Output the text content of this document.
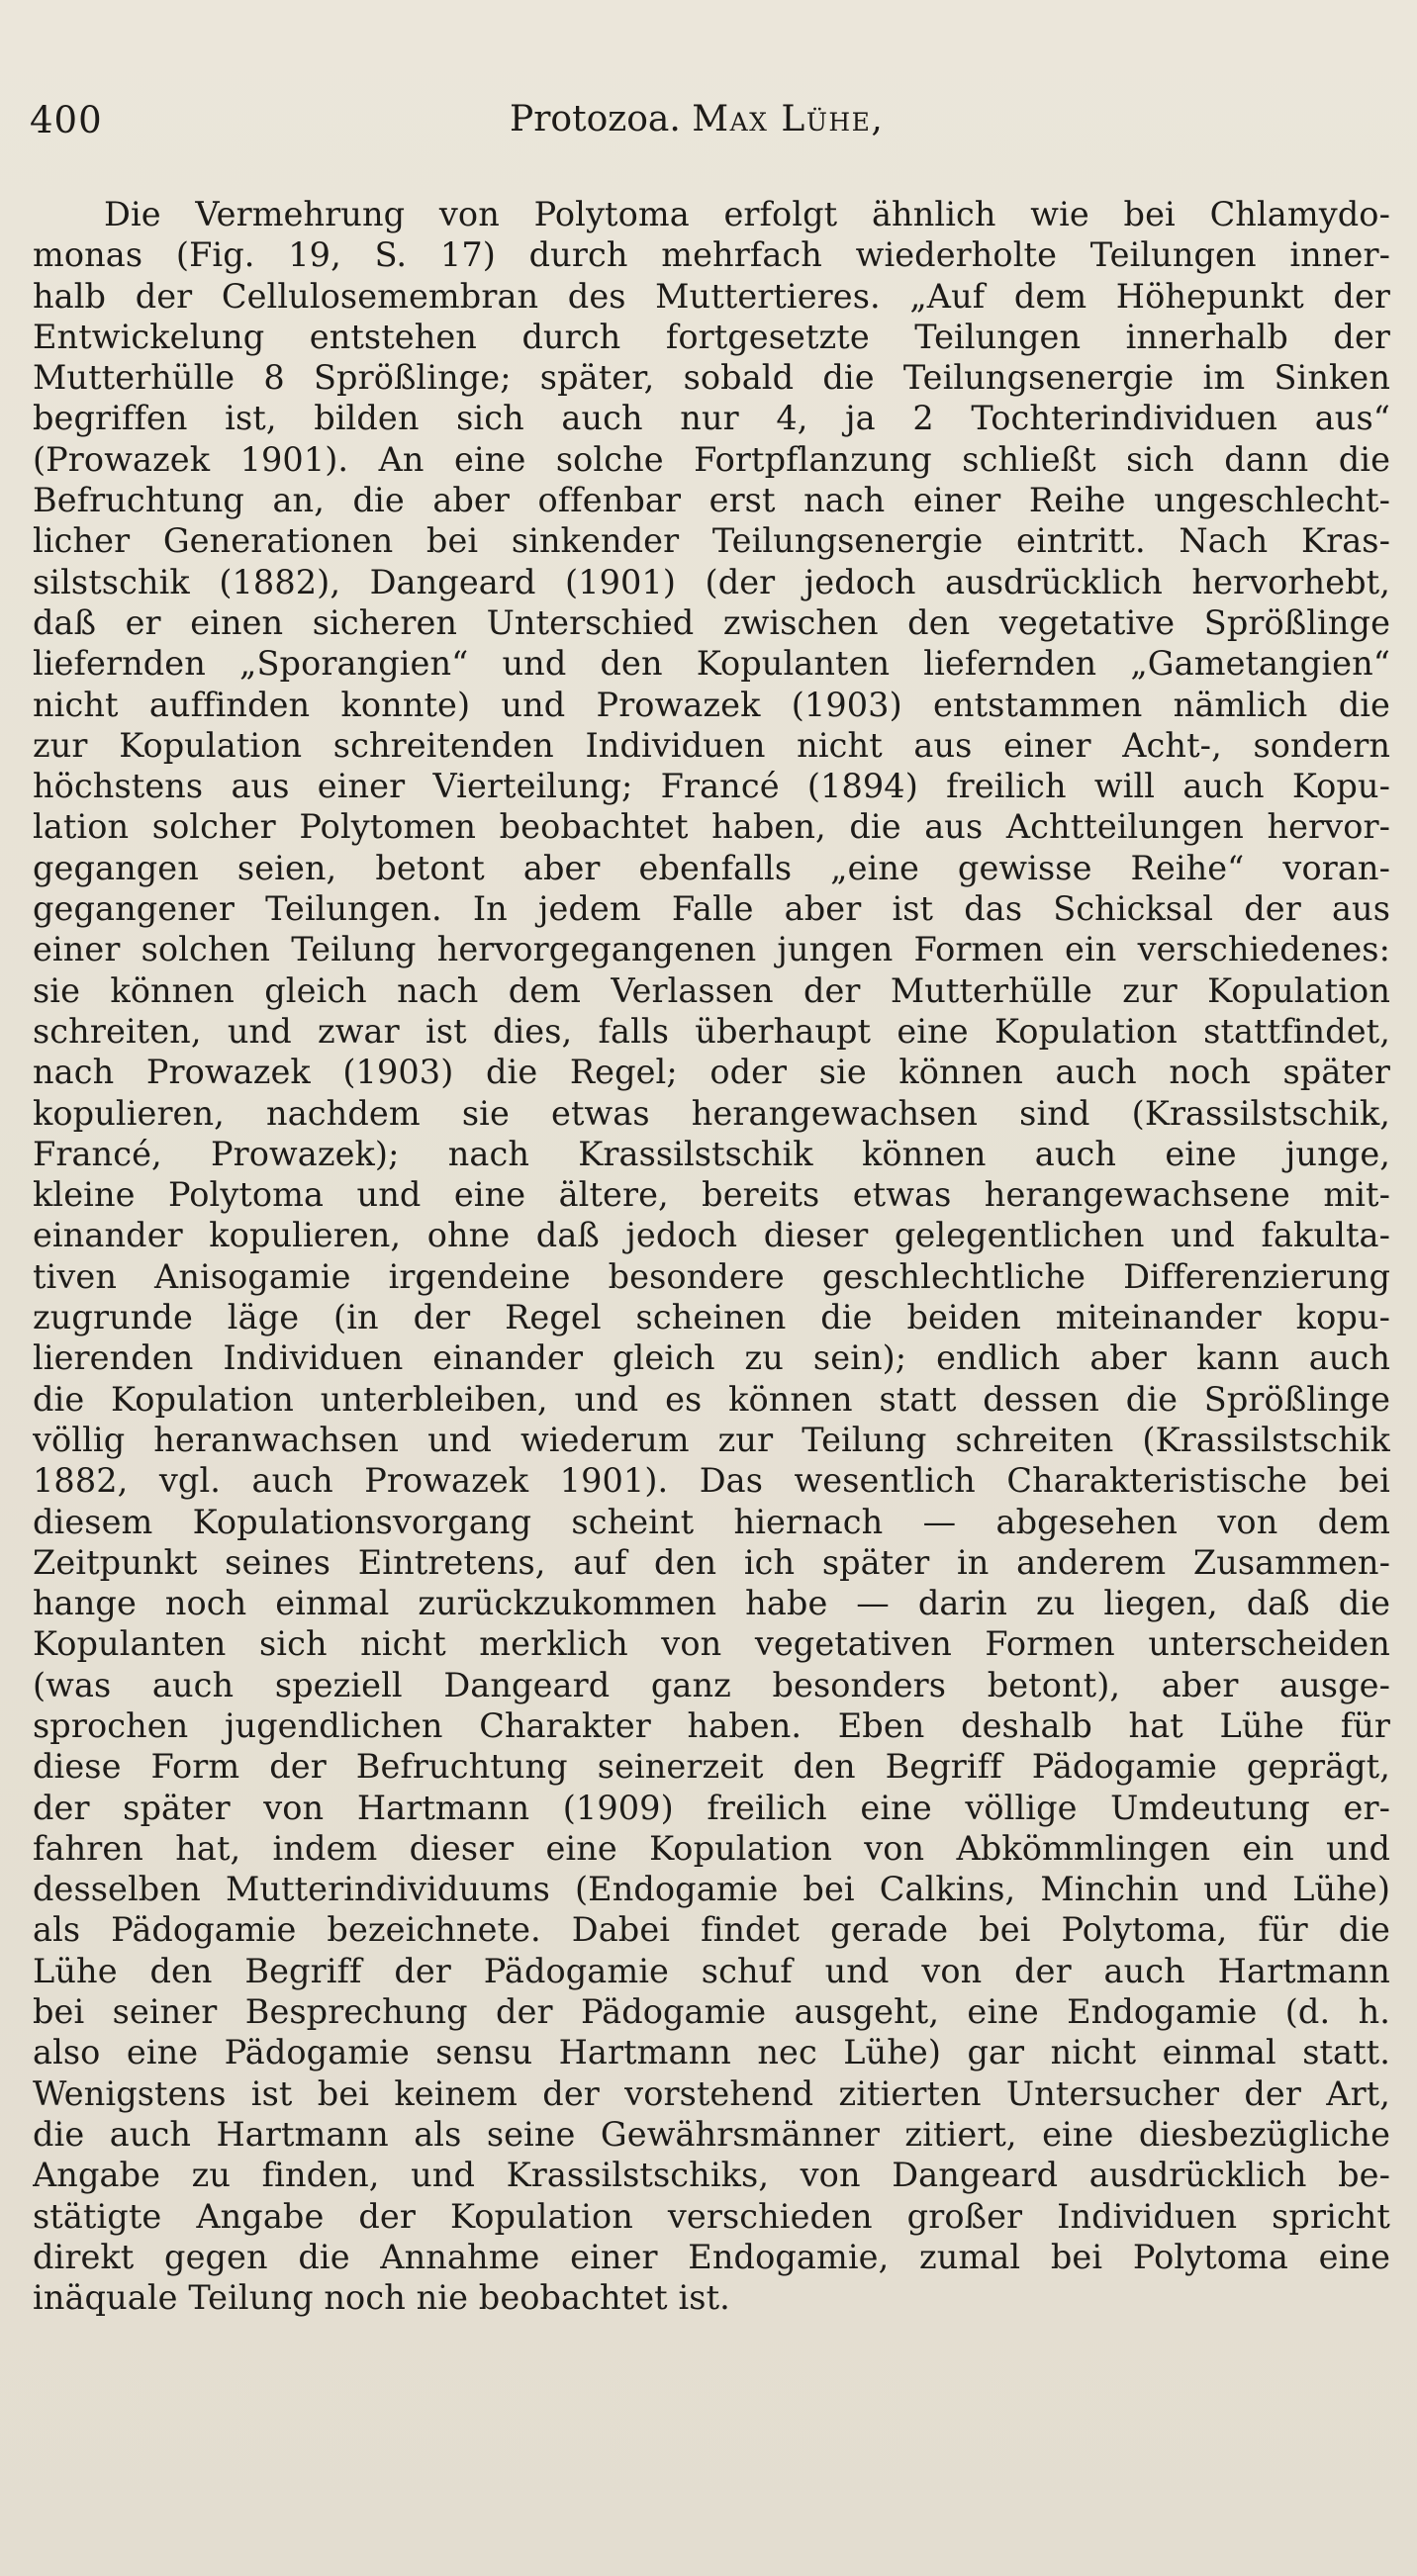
400	Protozoa. Max Lühe,
Die Vermehrung von Polytoma erfolgt ähnlich wie bei Chlamydo-
monas (Fig. 19, S. 17) durch mehrfach wiederholte Teilungen inner-
halb der Cellulosemembran des Muttertieres. „Auf dem Höhepunkt der
Entwickelung entstehen durch fortgesetzte Teilungen innerhalb der
Mutterhülle 8 Sprößlinge; später, sobald die Teilungsenergie im Sinken
begriffen ist, bilden sich auch nur 4, ja 2 Tochterindividuen aus“
(Prowazek 1901). An eine solche Fortpflanzung schließt sich dann die
Befruchtung an, die aber offenbar erst nach einer Reihe ungeschlecht-
licher Generationen bei sinkender Teilungsenergie eintritt. Nach Kras-
silstschik (1882), Dangeard (1901) (der jedoch ausdrücklich hervorhebt,
daß er einen sicheren Unterschied zwischen den vegetative Sprößlinge
liefernden „Sporangien“ und den Kopulanten liefernden „Gametangien“
nicht auffinden konnte) und Prowazek (1903) entstammen nämlich die
zur Kopulation schreitenden Individuen nicht aus einer Acht-, sondern
höchstens aus einer Vierteilung; Francé (1894) freilich will auch Kopu-
lation solcher Polytomen beobachtet haben, die aus Achtteilungen hervor-
gegangen seien, betont aber ebenfalls „eine gewisse Reihe“ voran-
gegangener Teilungen. In jedem Falle aber ist das Schicksal der aus
einer solchen Teilung hervorgegangenen jungen Formen ein verschiedenes:
sie können gleich nach dem Verlassen der Mutterhülle zur Kopulation
schreiten, und zwar ist dies, falls überhaupt eine Kopulation stattfindet,
nach Prowazek (1903) die Regel; oder sie können auch noch später
kopulieren, nachdem sie etwas herangewachsen sind (Krassilstschik,
Francé, Prowazek); nach Krassilstschik können auch eine junge,
kleine Polytoma und eine ältere, bereits etwas herangewachsene mit-
einander kopulieren, ohne daß jedoch dieser gelegentlichen und fakulta-
tiven Anisogamie irgendeine besondere geschlechtliche Differenzierung
zugrunde läge (in der Regel scheinen die beiden miteinander kopu-
lierenden Individuen einander gleich zu sein); endlich aber kann auch
die Kopulation unterbleiben, und es können statt dessen die Sprößlinge
völlig heranwachsen und wiederum zur Teilung schreiten (Krassilstschik
1882, vgl. auch Prowazek 1901). Das wesentlich Charakteristische bei
diesem Kopulationsvorgang scheint hiernach — abgesehen von dem
Zeitpunkt seines Eintretens, auf den ich später in anderem Zusammen-
hange noch einmal zurückzukommen habe — darin zu liegen, daß die
Kopulanten sich nicht merklich von vegetativen Formen unterscheiden
(was auch speziell Dangeard ganz besonders betont), aber ausge-
sprochen jugendlichen Charakter haben. Eben deshalb hat Lühe für
diese Form der Befruchtung seinerzeit den Begriff Pädogamie geprägt,
der später von Hartmann (1909) freilich eine völlige Umdeutung er-
fahren hat, indem dieser eine Kopulation von Abkömmlingen ein und
desselben Mutterindividuums (Endogamie bei Calkins, Minchin und Lühe)
als Pädogamie bezeichnete. Dabei findet gerade bei Polytoma, für die
Lühe den Begriff der Pädogamie schuf und von der auch Hartmann
bei seiner Besprechung der Pädogamie ausgeht, eine Endogamie (d. h.
also eine Pädogamie sensu Hartmann nec Lühe) gar nicht einmal statt.
Wenigstens ist bei keinem der vorstehend zitierten Untersucher der Art,
die auch Hartmann als seine Gewährsmänner zitiert, eine diesbezügliche
Angabe zu finden, und Krassilstschiks, von Dangeard ausdrücklich be-
stätigte Angabe der Kopulation verschieden großer Individuen spricht
direkt gegen die Annahme einer Endogamie, zumal bei Polytoma eine
inäquale Teilung noch nie beobachtet ist.
